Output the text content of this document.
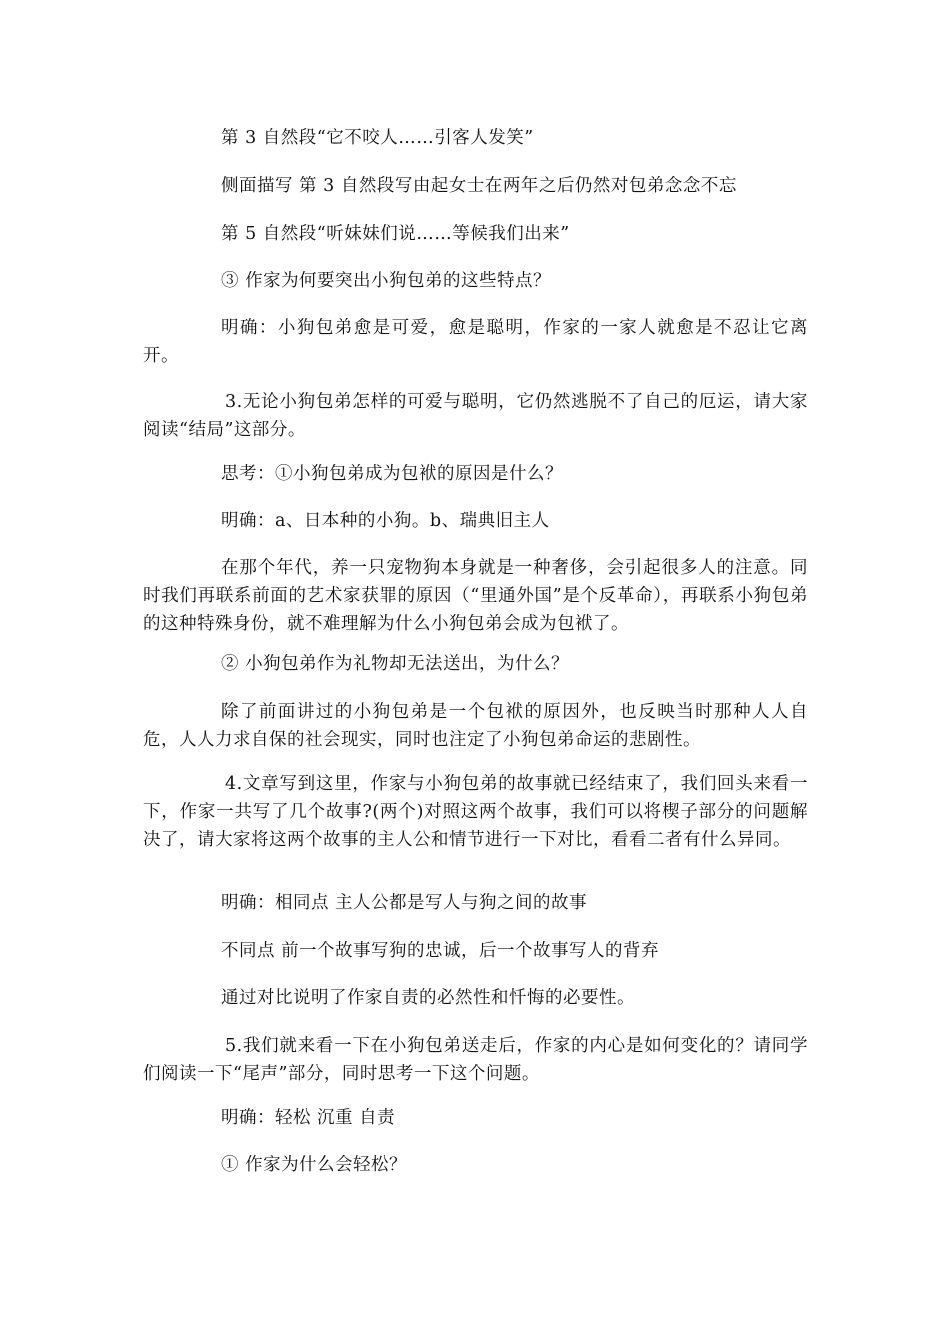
第 3 自然段“它不咬人……引客人发笑”

侧面描写 第 3 自然段写由起女士在两年之后仍然对包弟念念不忘

第 5 自然段“听妹妹们说……等候我们出来”

③ 作家为何要突出小狗包弟的这些特点？

明确：小狗包弟愈是可爱，愈是聪明，作家的一家人就愈是不忍让它离开。

3.无论小狗包弟怎样的可爱与聪明，它仍然逃脱不了自己的厄运，请大家阅读“结局”这部分。

思考：①小狗包弟成为包袱的原因是什么？

明确：a、日本种的小狗。b、瑞典旧主人

在那个年代，养一只宠物狗本身就是一种奢侈，会引起很多人的注意。同时我们再联系前面的艺术家获罪的原因（“里通外国”是个反革命），再联系小狗包弟的这种特殊身份，就不难理解为什么小狗包弟会成为包袱了。

② 小狗包弟作为礼物却无法送出，为什么？

除了前面讲过的小狗包弟是一个包袱的原因外，也反映当时那种人人自危，人人力求自保的社会现实，同时也注定了小狗包弟命运的悲剧性。

4.文章写到这里，作家与小狗包弟的故事就已经结束了，我们回头来看一下，作家一共写了几个故事?(两个)对照这两个故事，我们可以将楔子部分的问题解决了，请大家将这两个故事的主人公和情节进行一下对比，看看二者有什么异同。

明确：相同点 主人公都是写人与狗之间的故事

不同点 前一个故事写狗的忠诚，后一个故事写人的背弃

通过对比说明了作家自责的必然性和忏悔的必要性。

5.我们就来看一下在小狗包弟送走后，作家的内心是如何变化的？请同学们阅读一下“尾声”部分，同时思考一下这个问题。

明确：轻松 沉重 自责

① 作家为什么会轻松？
